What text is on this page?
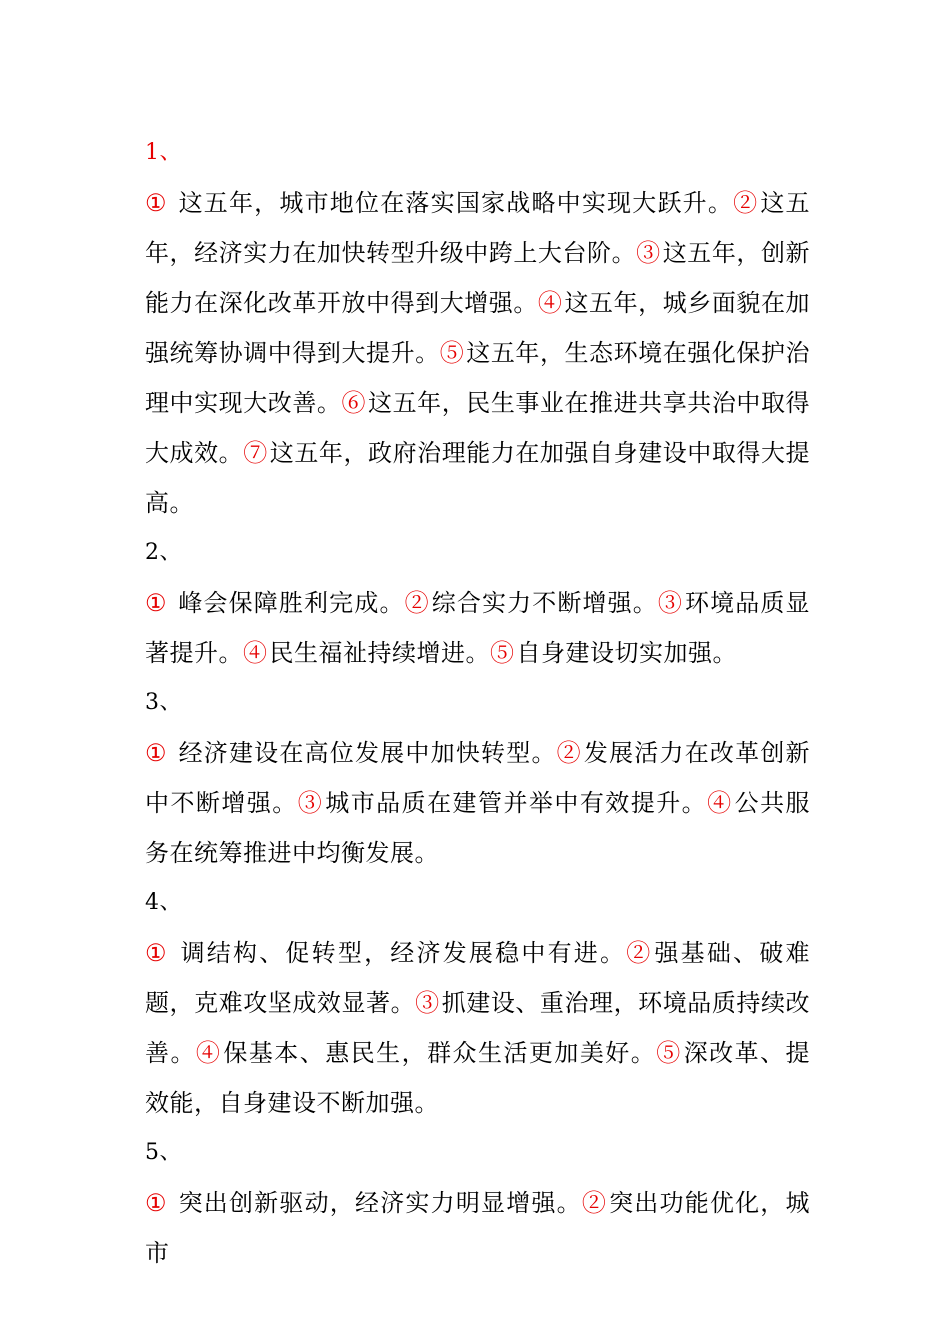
1、

① 这五年，城市地位在落实国家战略中实现大跃升。②这五年，经济实力在加快转型升级中跨上大台阶。③这五年，创新能力在深化改革开放中得到大增强。④这五年，城乡面貌在加强统筹协调中得到大提升。⑤这五年，生态环境在强化保护治理中实现大改善。⑥这五年，民生事业在推进共享共治中取得大成效。⑦这五年，政府治理能力在加强自身建设中取得大提高。

2、

① 峰会保障胜利完成。②综合实力不断增强。③环境品质显著提升。④民生福祉持续增进。⑤自身建设切实加强。

3、

① 经济建设在高位发展中加快转型。②发展活力在改革创新中不断增强。③城市品质在建管并举中有效提升。④公共服务在统筹推进中均衡发展。

4、

① 调结构、促转型，经济发展稳中有进。②强基础、破难题，克难攻坚成效显著。③抓建设、重治理，环境品质持续改善。④保基本、惠民生，群众生活更加美好。⑤深改革、提效能，自身建设不断加强。

5、

① 突出创新驱动，经济实力明显增强。②突出功能优化，城市
